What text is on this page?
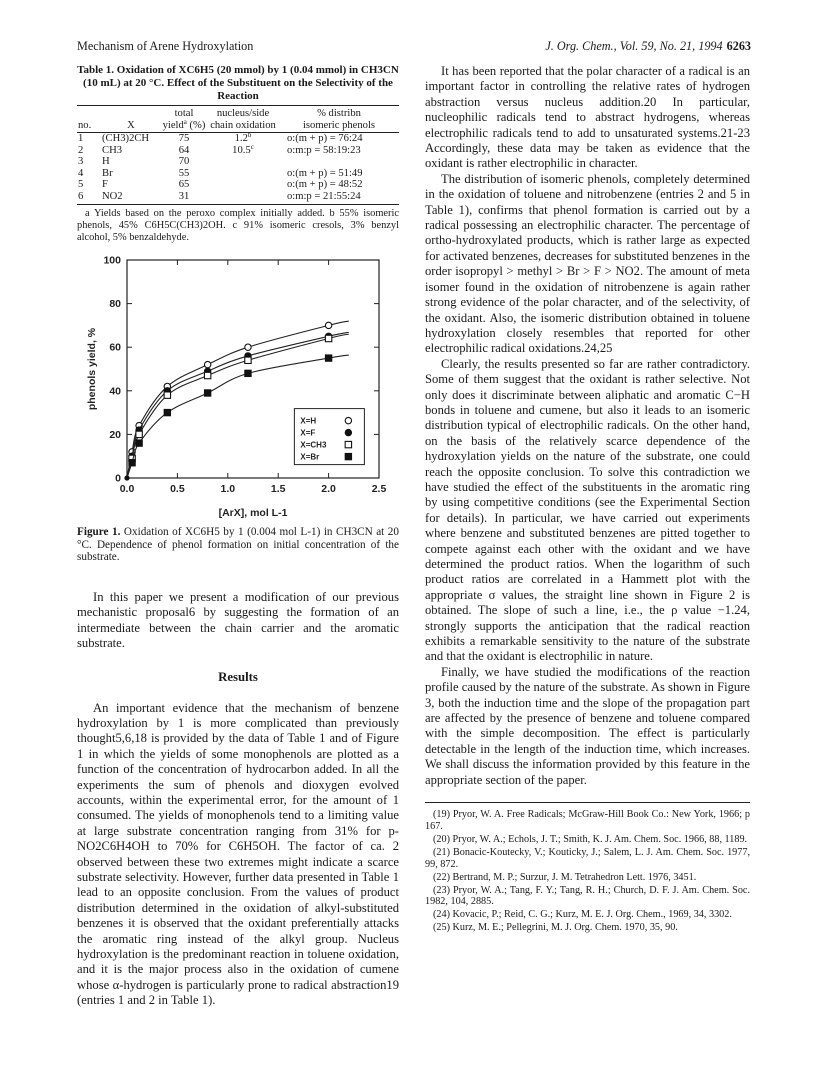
Mechanism of Arene Hydroxylation	J. Org. Chem., Vol. 59, No. 21, 1994 6263
Table 1. Oxidation of XC6H5 (20 mmol) by 1 (0.04 mmol) in CH3CN (10 mL) at 20 °C. Effect of the Substituent on the Selectivity of the Reaction
		total	nucleus/side	% distribn
no.	X	yield$^a$ (%)	chain oxidation	isomeric phenols
1	(CH3)2CH	75	1.2$^b$	o:(m + p) = 76:24
2	CH3	64	10.5$^c$	o:m:p = 58:19:23
3	H	70		
4	Br	55		o:(m + p) = 51:49
5	F	65		o:(m + p) = 48:52
6	NO2	31		o:m:p = 21:55:24
a Yields based on the peroxo complex initially added. b 55% isomeric phenols, 45% C6H5C(CH3)2OH. c 91% isomeric cresols, 3% benzyl alcohol, 5% benzaldehyde.
0.0	0.5	1.0	1.5	2.0	2.5
0
20
40
60
80
100
[ArX], mol L-1
phenols yield, %
X=H
X=F
X=CH3
X=Br
Figure 1. Oxidation of XC6H5 by 1 (0.004 mol L-1) in CH3CN at 20 °C. Dependence of phenol formation on initial concentration of the substrate.

In this paper we present a modification of our previous mechanistic proposal6 by suggesting the formation of an intermediate between the chain carrier and the aromatic substrate.

Results

An important evidence that the mechanism of benzene hydroxylation by 1 is more complicated than previously thought5,6,18 is provided by the data of Table 1 and of Figure 1 in which the yields of some monophenols are plotted as a function of the concentration of hydrocarbon added. In all the experiments the sum of phenols and dioxygen evolved accounts, within the experimental error, for the amount of 1 consumed. The yields of monophenols tend to a limiting value at large substrate concentration ranging from 31% for p-NO2C6H4OH to 70% for C6H5OH. The factor of ca. 2 observed between these two extremes might indicate a scarce substrate selectivity. However, further data presented in Table 1 lead to an opposite conclusion. From the values of product distribution determined in the oxidation of alkyl-substituted benzenes it is observed that the oxidant preferentially attacks the aromatic ring instead of the alkyl group. Nucleus hydroxylation is the predominant reaction in toluene oxidation, and it is the major process also in the oxidation of cumene whose α-hydrogen is particularly prone to radical abstraction19 (entries 1 and 2 in Table 1).

It has been reported that the polar character of a radical is an important factor in controlling the relative rates of hydrogen abstraction versus nucleus addition.20 In particular, nucleophilic radicals tend to abstract hydrogens, whereas electrophilic radicals tend to add to unsaturated systems.21-23 Accordingly, these data may be taken as evidence that the oxidant is rather electrophilic in character.

The distribution of isomeric phenols, completely determined in the oxidation of toluene and nitrobenzene (entries 2 and 5 in Table 1), confirms that phenol formation is carried out by a radical possessing an electrophilic character. The percentage of ortho-hydroxylated products, which is rather large as expected for activated benzenes, decreases for substituted benzenes in the order isopropyl > methyl > Br > F > NO2. The amount of meta isomer found in the oxidation of nitrobenzene is again rather strong evidence of the polar character, and of the selectivity, of the oxidant. Also, the isomeric distribution obtained in toluene hydroxylation closely resembles that reported for other electrophilic radical oxidations.24,25

Clearly, the results presented so far are rather contradictory. Some of them suggest that the oxidant is rather selective. Not only does it discriminate between aliphatic and aromatic C−H bonds in toluene and cumene, but also it leads to an isomeric distribution typical of electrophilic radicals. On the other hand, on the basis of the relatively scarce dependence of the hydroxylation yields on the nature of the substrate, one could reach the opposite conclusion. To solve this contradiction we have studied the effect of the substituents in the aromatic ring by using competitive conditions (see the Experimental Section for details). In particular, we have carried out experiments where benzene and substituted benzenes are pitted together to compete against each other with the oxidant and we have determined the product ratios. When the logarithm of such product ratios are correlated in a Hammett plot with the appropriate σ values, the straight line shown in Figure 2 is obtained. The slope of such a line, i.e., the ρ value −1.24, strongly supports the anticipation that the radical reaction exhibits a remarkable sensitivity to the nature of the substrate and that the oxidant is electrophilic in nature.

Finally, we have studied the modifications of the reaction profile caused by the nature of the substrate. As shown in Figure 3, both the induction time and the slope of the propagation part are affected by the presence of benzene and toluene compared with the simple decomposition. The effect is particularly detectable in the length of the induction time, which increases. We shall discuss the information provided by this feature in the appropriate section of the paper.

(19) Pryor, W. A. Free Radicals; McGraw-Hill Book Co.: New York, 1966; p 167.
(20) Pryor, W. A.; Echols, J. T.; Smith, K. J. Am. Chem. Soc. 1966, 88, 1189.
(21) Bonacic-Koutecky, V.; Kouticky, J.; Salem, L. J. Am. Chem. Soc. 1977, 99, 872.
(22) Bertrand, M. P.; Surzur, J. M. Tetrahedron Lett. 1976, 3451.
(23) Pryor, W. A.; Tang, F. Y.; Tang, R. H.; Church, D. F. J. Am. Chem. Soc. 1982, 104, 2885.
(24) Kovacic, P.; Reid, C. G.; Kurz, M. E. J. Org. Chem., 1969, 34, 3302.
(25) Kurz, M. E.; Pellegrini, M. J. Org. Chem. 1970, 35, 90.
